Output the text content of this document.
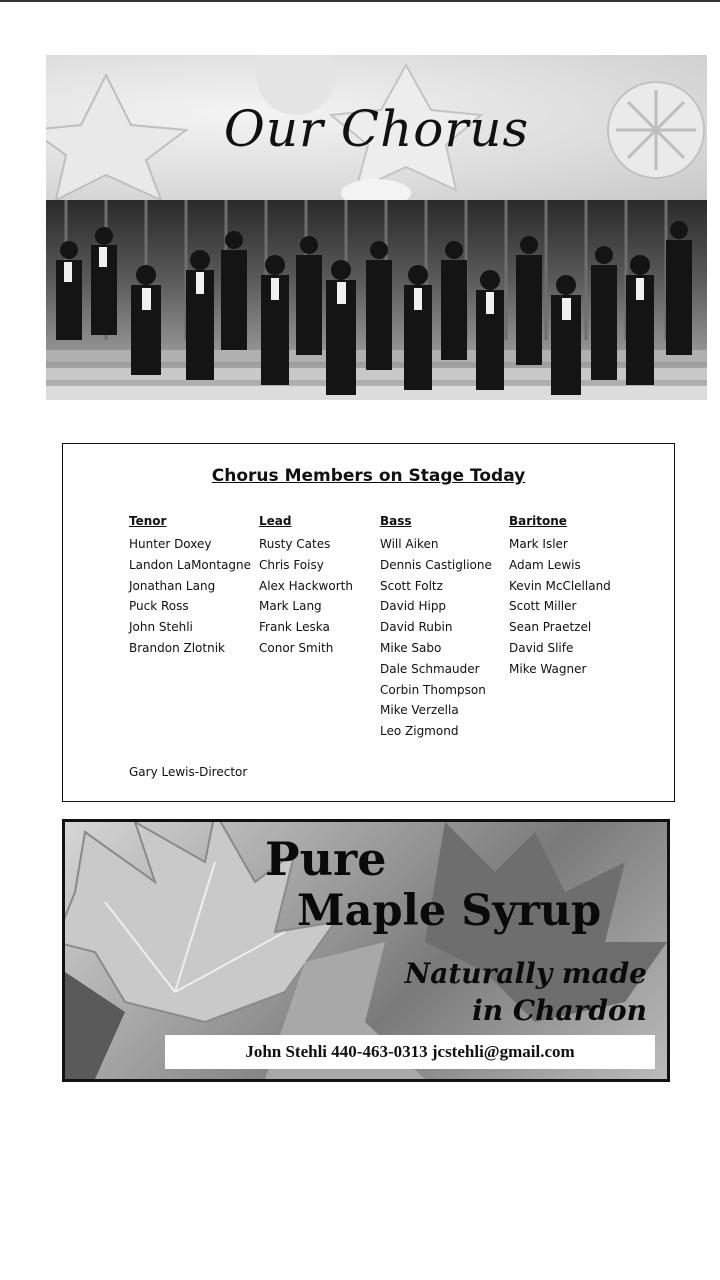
Our Chorus
Chorus Members on Stage Today
Tenor
Hunter Doxey
Landon LaMontagne
Jonathan Lang
Puck Ross
John Stehli
Brandon Zlotnik
Lead
Rusty Cates
Chris Foisy
Alex Hackworth
Mark Lang
Frank Leska
Conor Smith
Bass
Will Aiken
Dennis Castiglione
Scott Foltz
David Hipp
David Rubin
Mike Sabo
Dale Schmauder
Corbin Thompson
Mike Verzella
Leo Zigmond
Baritone
Mark Isler
Adam Lewis
Kevin McClelland
Scott Miller
Sean Praetzel
David Slife
Mike Wagner
Gary Lewis-Director
Pure
Maple Syrup
Naturally made
in Chardon
John Stehli 440-463-0313 jcstehli@gmail.com
